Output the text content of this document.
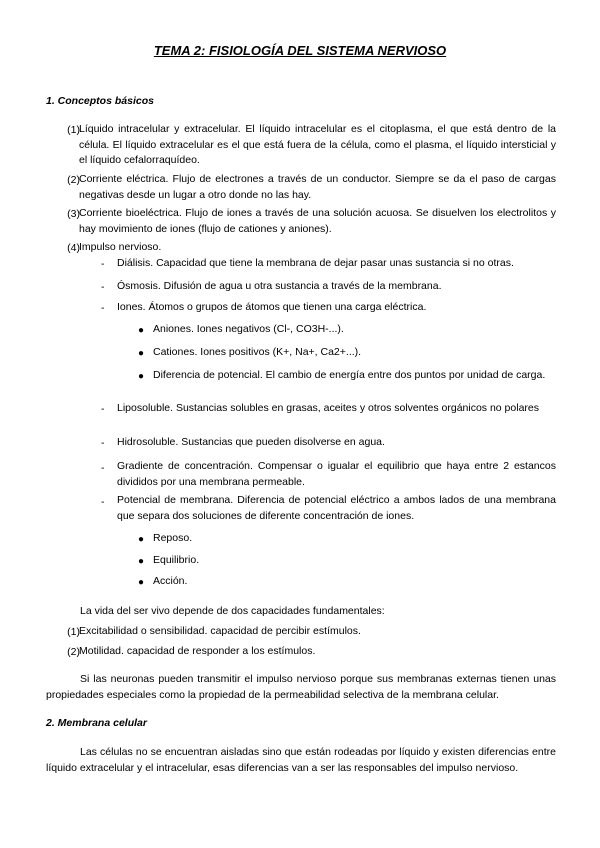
TEMA 2: FISIOLOGÍA DEL SISTEMA NERVIOSO
1. Conceptos básicos
(1) Líquido intracelular y extracelular. El líquido intracelular es el citoplasma, el que está dentro de la célula. El líquido extracelular es el que está fuera de la célula, como el plasma, el líquido intersticial y el líquido cefalorraquídeo.
(2) Corriente eléctrica. Flujo de electrones a través de un conductor. Siempre se da el paso de cargas negativas desde un lugar a otro donde no las hay.
(3) Corriente bioeléctrica. Flujo de iones a través de una solución acuosa. Se disuelven los electrolitos y hay movimiento de iones (flujo de cationes y aniones).
(4) Impulso nervioso.
- Diálisis. Capacidad que tiene la membrana de dejar pasar unas sustancia si no otras.
- Ósmosis. Difusión de agua u otra sustancia a través de la membrana.
- Iones. Átomos o grupos de átomos que tienen una carga eléctrica.
● Aniones. Iones negativos (Cl-, CO3H-...).
● Cationes. Iones positivos (K+, Na+, Ca2+...).
● Diferencia de potencial. El cambio de energía entre dos puntos por unidad de carga.
- Liposoluble. Sustancias solubles en grasas, aceites y otros solventes orgánicos no polares
- Hidrosoluble. Sustancias que pueden disolverse en agua.
- Gradiente de concentración. Compensar o igualar el equilibrio que haya entre 2 estancos divididos por una membrana permeable.
- Potencial de membrana. Diferencia de potencial eléctrico a ambos lados de una membrana que separa dos soluciones de diferente concentración de iones.
● Reposo.
● Equilibrio.
● Acción.
La vida del ser vivo depende de dos capacidades fundamentales:
(1) Excitabilidad o sensibilidad. capacidad de percibir estímulos.
(2) Motilidad. capacidad de responder a los estímulos.
Si las neuronas pueden transmitir el impulso nervioso porque sus membranas externas tienen unas propiedades especiales como la propiedad de la permeabilidad selectiva de la membrana celular.
2. Membrana celular
Las células no se encuentran aisladas sino que están rodeadas por líquido y existen diferencias entre líquido extracelular y el intracelular, esas diferencias van a ser las responsables del impulso nervioso.
